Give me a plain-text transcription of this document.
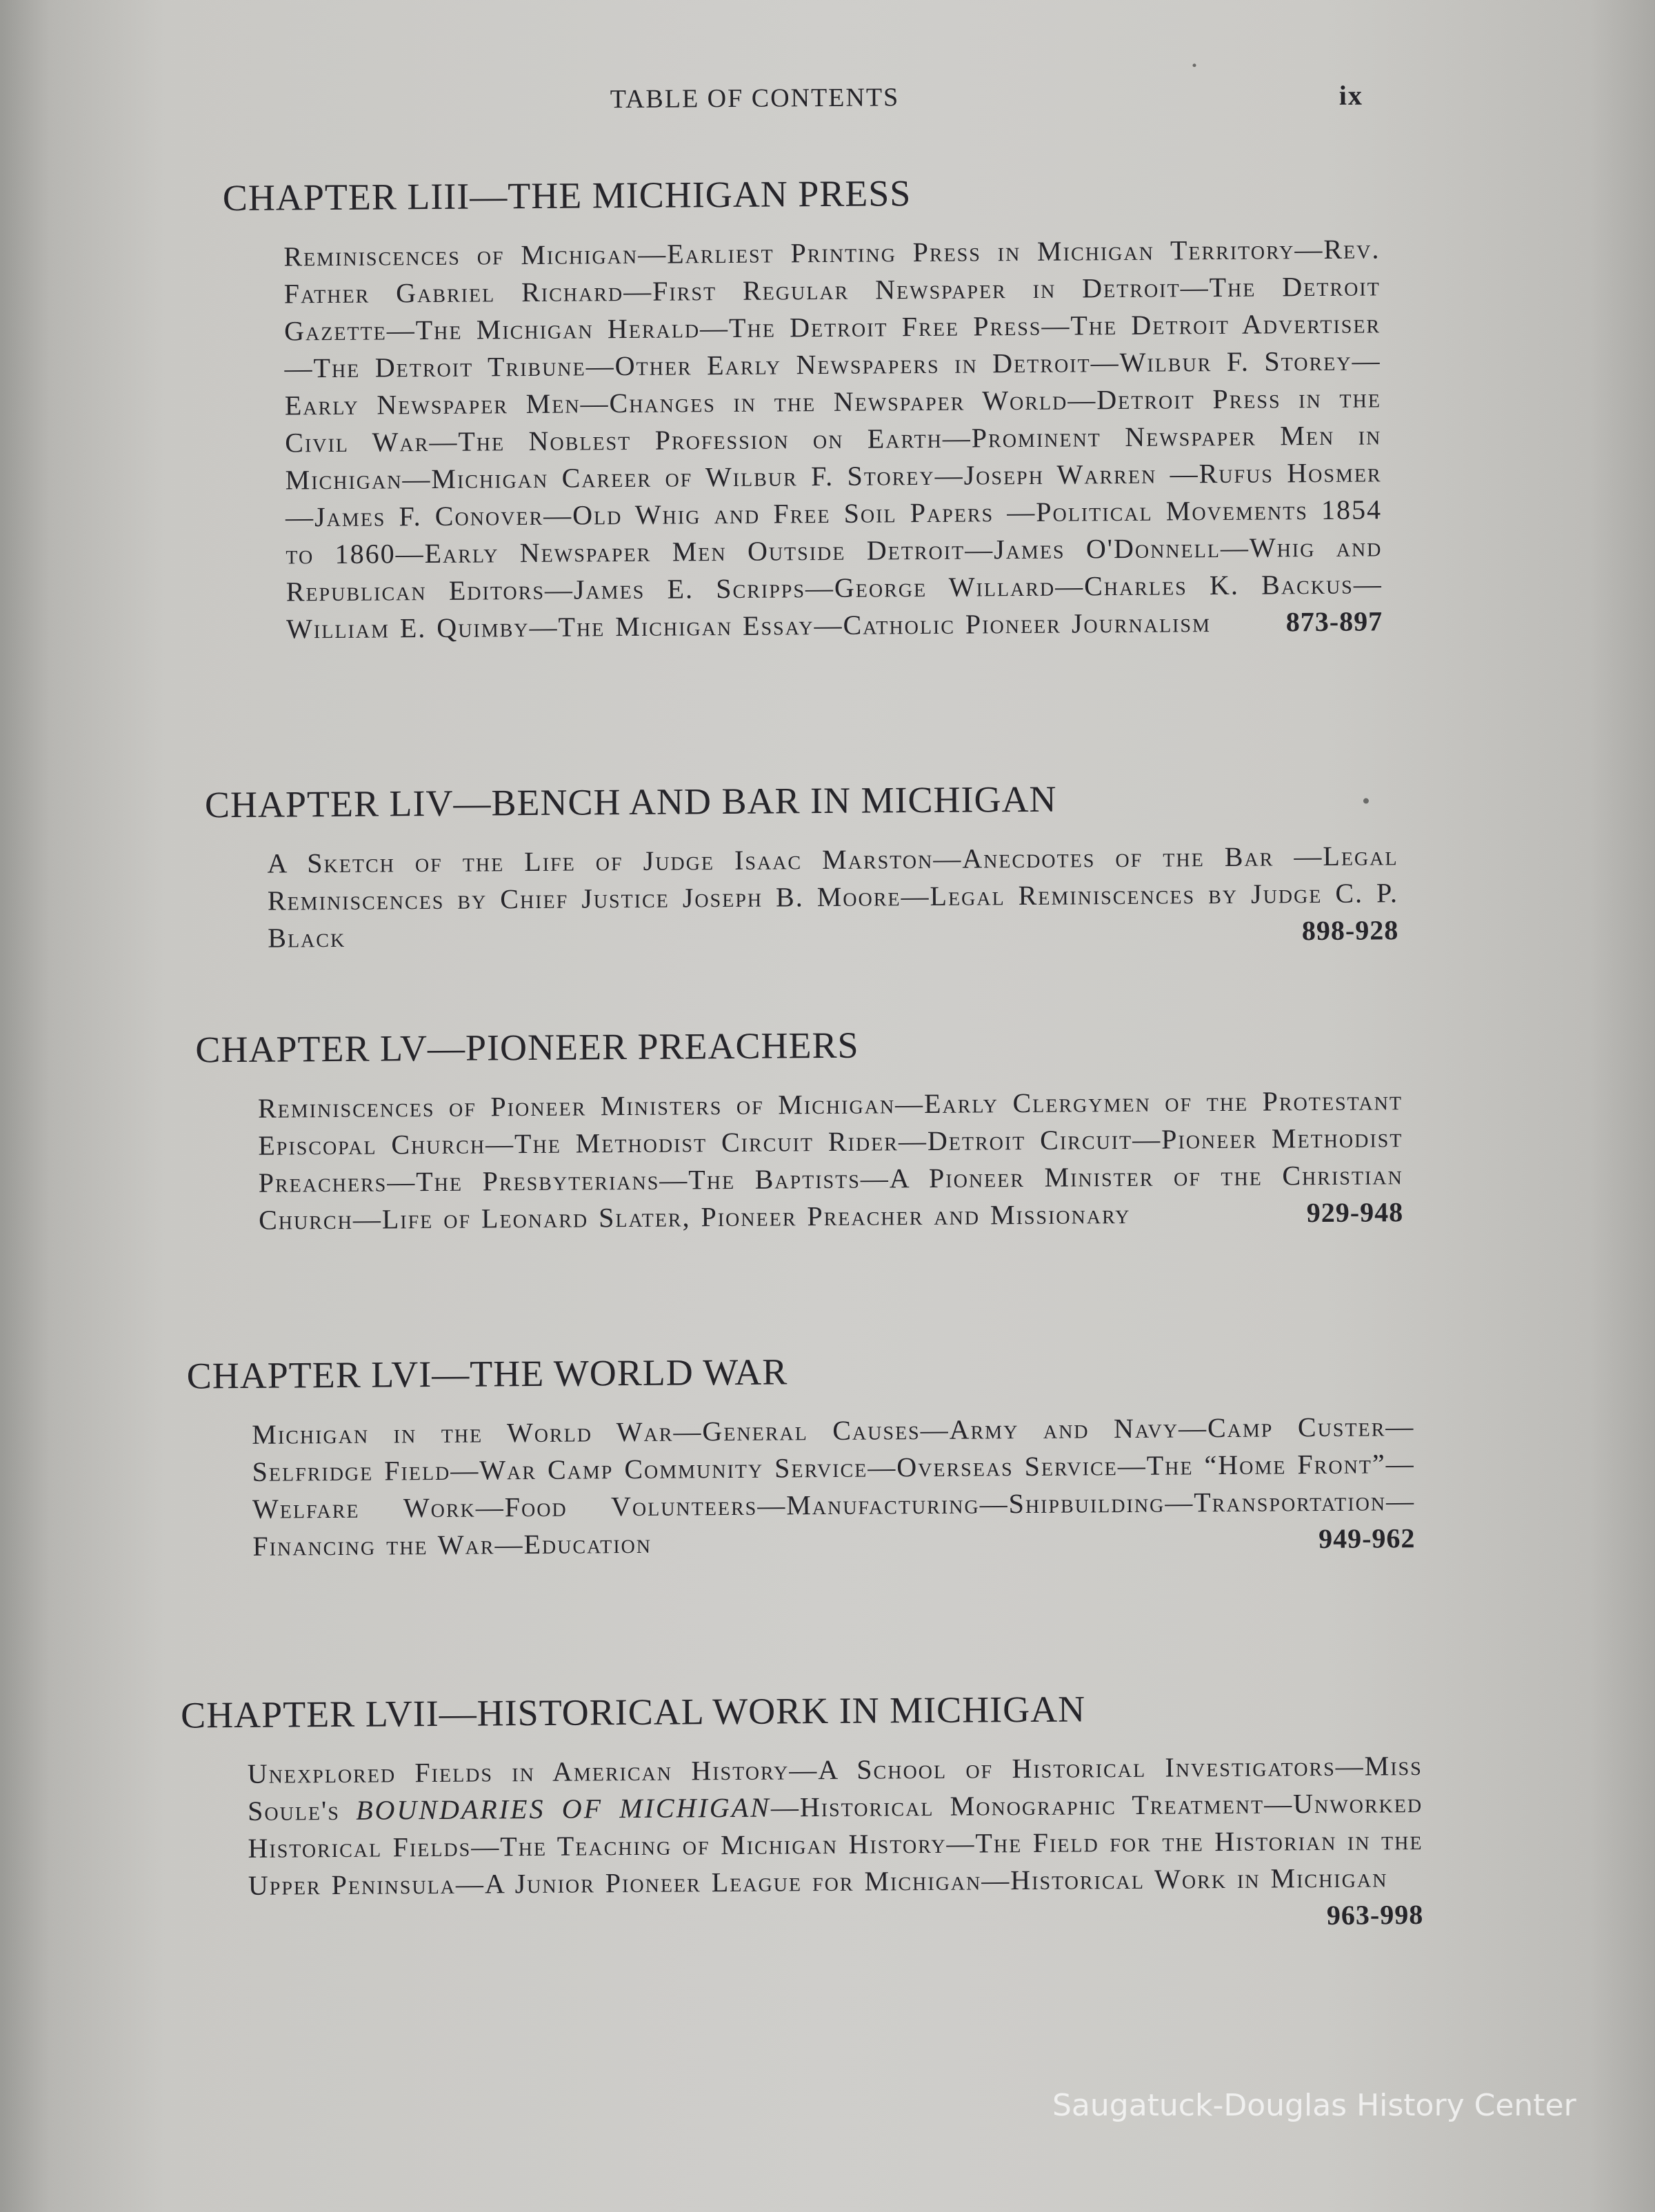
TABLE OF CONTENTS	ix
CHAPTER LIII—THE MICHIGAN PRESS

Reminiscences of Michigan—Earliest Printing Press in Michigan Territory—Rev. Father Gabriel Richard—First Regular Newspaper in Detroit—The Detroit Gazette—The Michigan Herald—The Detroit Free Press—The Detroit Advertiser—The Detroit Tribune—Other Early Newspapers in Detroit—Wilbur F. Storey—Early Newspaper Men—Changes in the Newspaper World—Detroit Press in the Civil War—The Noblest Profession on Earth—Prominent Newspaper Men in Michigan—Michigan Career of Wilbur F. Storey—Joseph Warren —Rufus Hosmer—James F. Conover—Old Whig and Free Soil Papers —Political Movements 1854 to 1860—Early Newspaper Men Outside Detroit—James O'Donnell—Whig and Republican Editors—James E. Scripps—George Willard—Charles K. Backus—William E. Quimby—The Michigan Essay—Catholic Pioneer Journalism	873-897

CHAPTER LIV—BENCH AND BAR IN MICHIGAN

A Sketch of the Life of Judge Isaac Marston—Anecdotes of the Bar —Legal Reminiscences by Chief Justice Joseph B. Moore—Legal Reminiscences by Judge C. P. Black	898-928

CHAPTER LV—PIONEER PREACHERS

Reminiscences of Pioneer Ministers of Michigan—Early Clergymen of the Protestant Episcopal Church—The Methodist Circuit Rider—Detroit Circuit—Pioneer Methodist Preachers—The Presbyterians—The Baptists—A Pioneer Minister of the Christian Church—Life of Leonard Slater, Pioneer Preacher and Missionary	929-948

CHAPTER LVI—THE WORLD WAR

Michigan in the World War—General Causes—Army and Navy—Camp Custer—Selfridge Field—War Camp Community Service—Overseas Service—The “Home Front”—Welfare Work—Food Volunteers—Manufacturing—Shipbuilding—Transportation—Financing the War—Education	949-962

CHAPTER LVII—HISTORICAL WORK IN MICHIGAN

Unexplored Fields in American History—A School of Historical Investigators—Miss Soule's BOUNDARIES OF MICHIGAN—Historical Monographic Treatment—Unworked Historical Fields—The Teaching of Michigan History—The Field for the Historian in the Upper Peninsula—A Junior Pioneer League for Michigan—Historical Work in Michigan
963-998

Saugatuck-Douglas History Center
